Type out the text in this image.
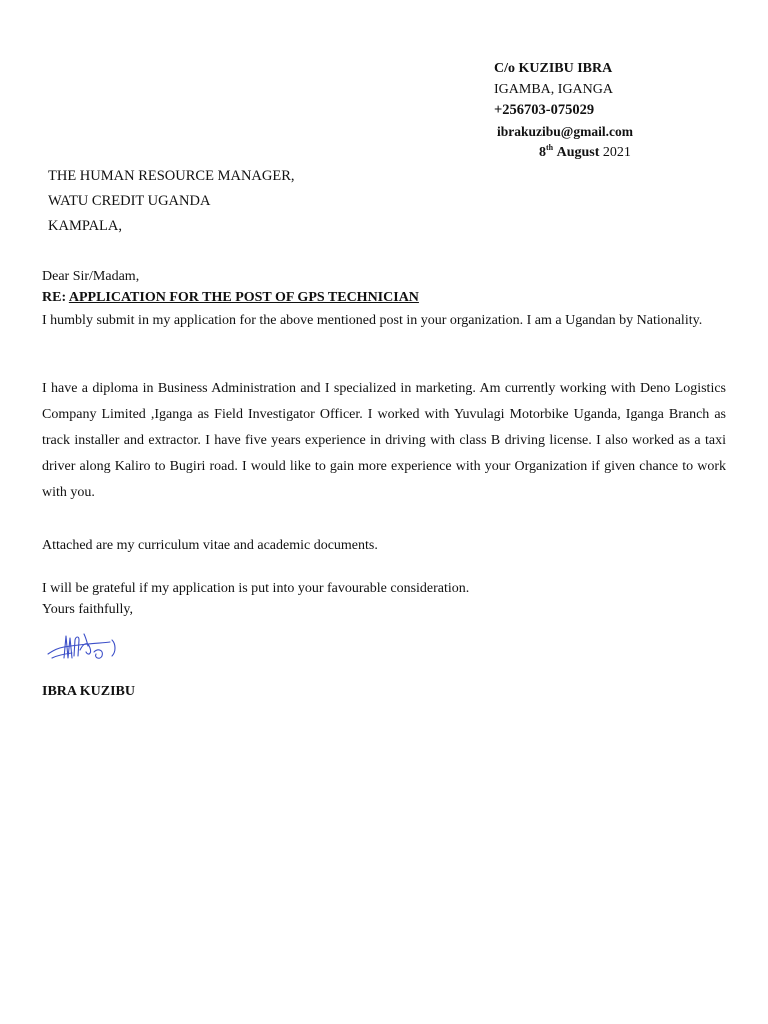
C/o KUZIBU IBRA
IGAMBA, IGANGA
+256703-075029
ibrakuzibu@gmail.com
8th August 2021
THE HUMAN RESOURCE MANAGER,
WATU CREDIT UGANDA
KAMPALA,
Dear Sir/Madam,
RE: APPLICATION FOR THE POST OF GPS TECHNICIAN
I humbly submit in my application for the above mentioned post in your organization. I am a Ugandan by Nationality.
I have a diploma in Business Administration and I specialized in marketing. Am currently working with Deno Logistics Company Limited ,Iganga as Field Investigator Officer. I worked with Yuvulagi Motorbike Uganda, Iganga Branch as track installer and extractor. I have five years experience in driving with class B driving license. I also worked as a taxi driver along Kaliro to Bugiri road. I would like to gain more experience with your Organization if given chance to work with you.
Attached are my curriculum vitae and academic documents.
I will be grateful if my application is put into your favourable consideration.
Yours faithfully,
IBRA KUZIBU
